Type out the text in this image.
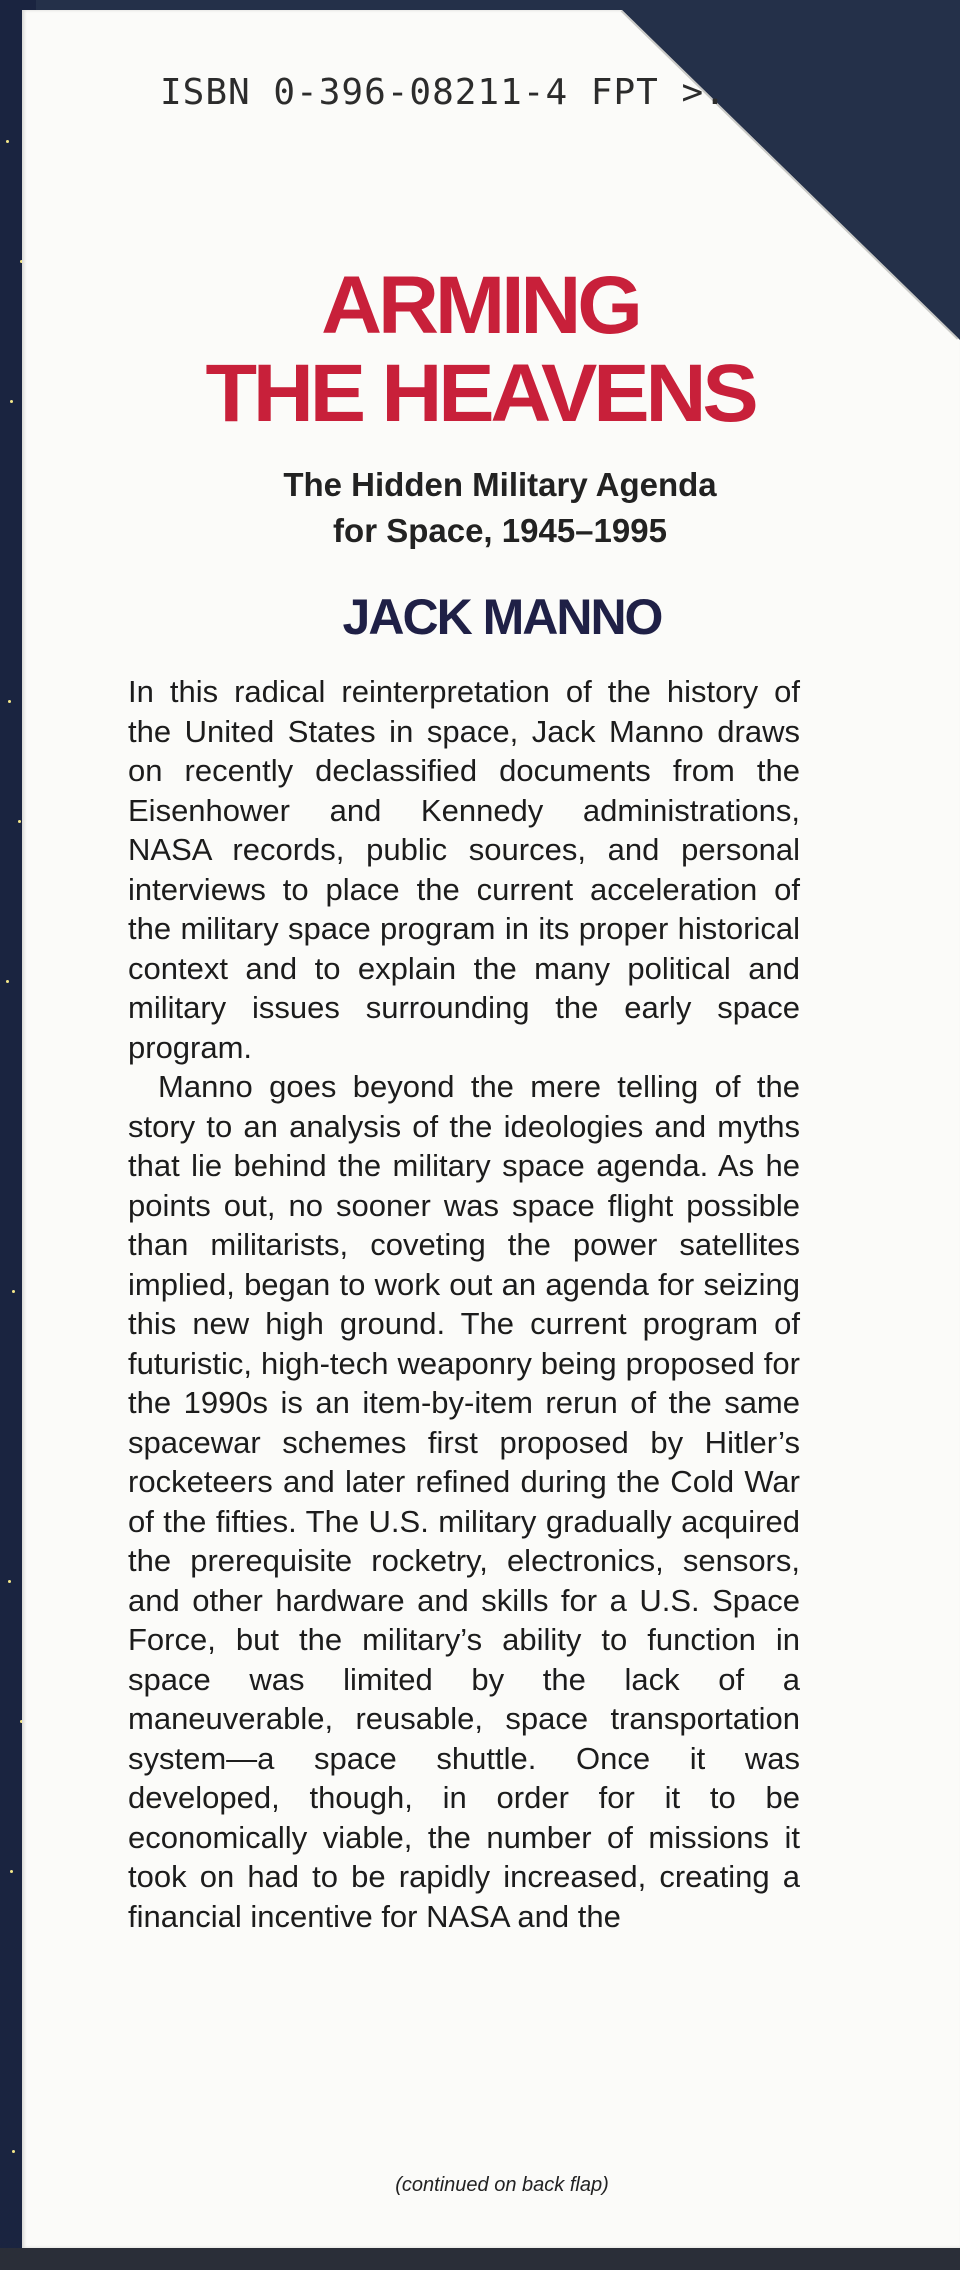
ISBN 0-396-08211-4 FPT >.
ARMING
THE HEAVENS
The Hidden Military Agenda
for Space, 1945–1995
JACK MANNO

In this radical reinterpretation of the history of the United States in space, Jack Manno draws on recently declassified documents from the Eisenhower and Kennedy administrations, NASA records, public sources, and personal interviews to place the current acceleration of the military space program in its proper historical context and to explain the many political and military issues surrounding the early space program.

Manno goes beyond the mere telling of the story to an analysis of the ideologies and myths that lie behind the military space agenda. As he points out, no sooner was space flight possible than militarists, coveting the power satellites implied, began to work out an agenda for seizing this new high ground. The current program of futuristic, high-tech weaponry being proposed for the 1990s is an item-by-item rerun of the same spacewar schemes first proposed by Hitler’s rocketeers and later refined during the Cold War of the fifties. The U.S. military gradually acquired the prerequisite rocketry, electronics, sensors, and other hardware and skills for a U.S. Space Force, but the military’s ability to function in space was limited by the lack of a maneuverable, reusable, space transportation system—a space shuttle. Once it was developed, though, in order for it to be economically viable, the number of missions it took on had to be rapidly increased, creating a financial incentive for NASA and the

(continued on back flap)
